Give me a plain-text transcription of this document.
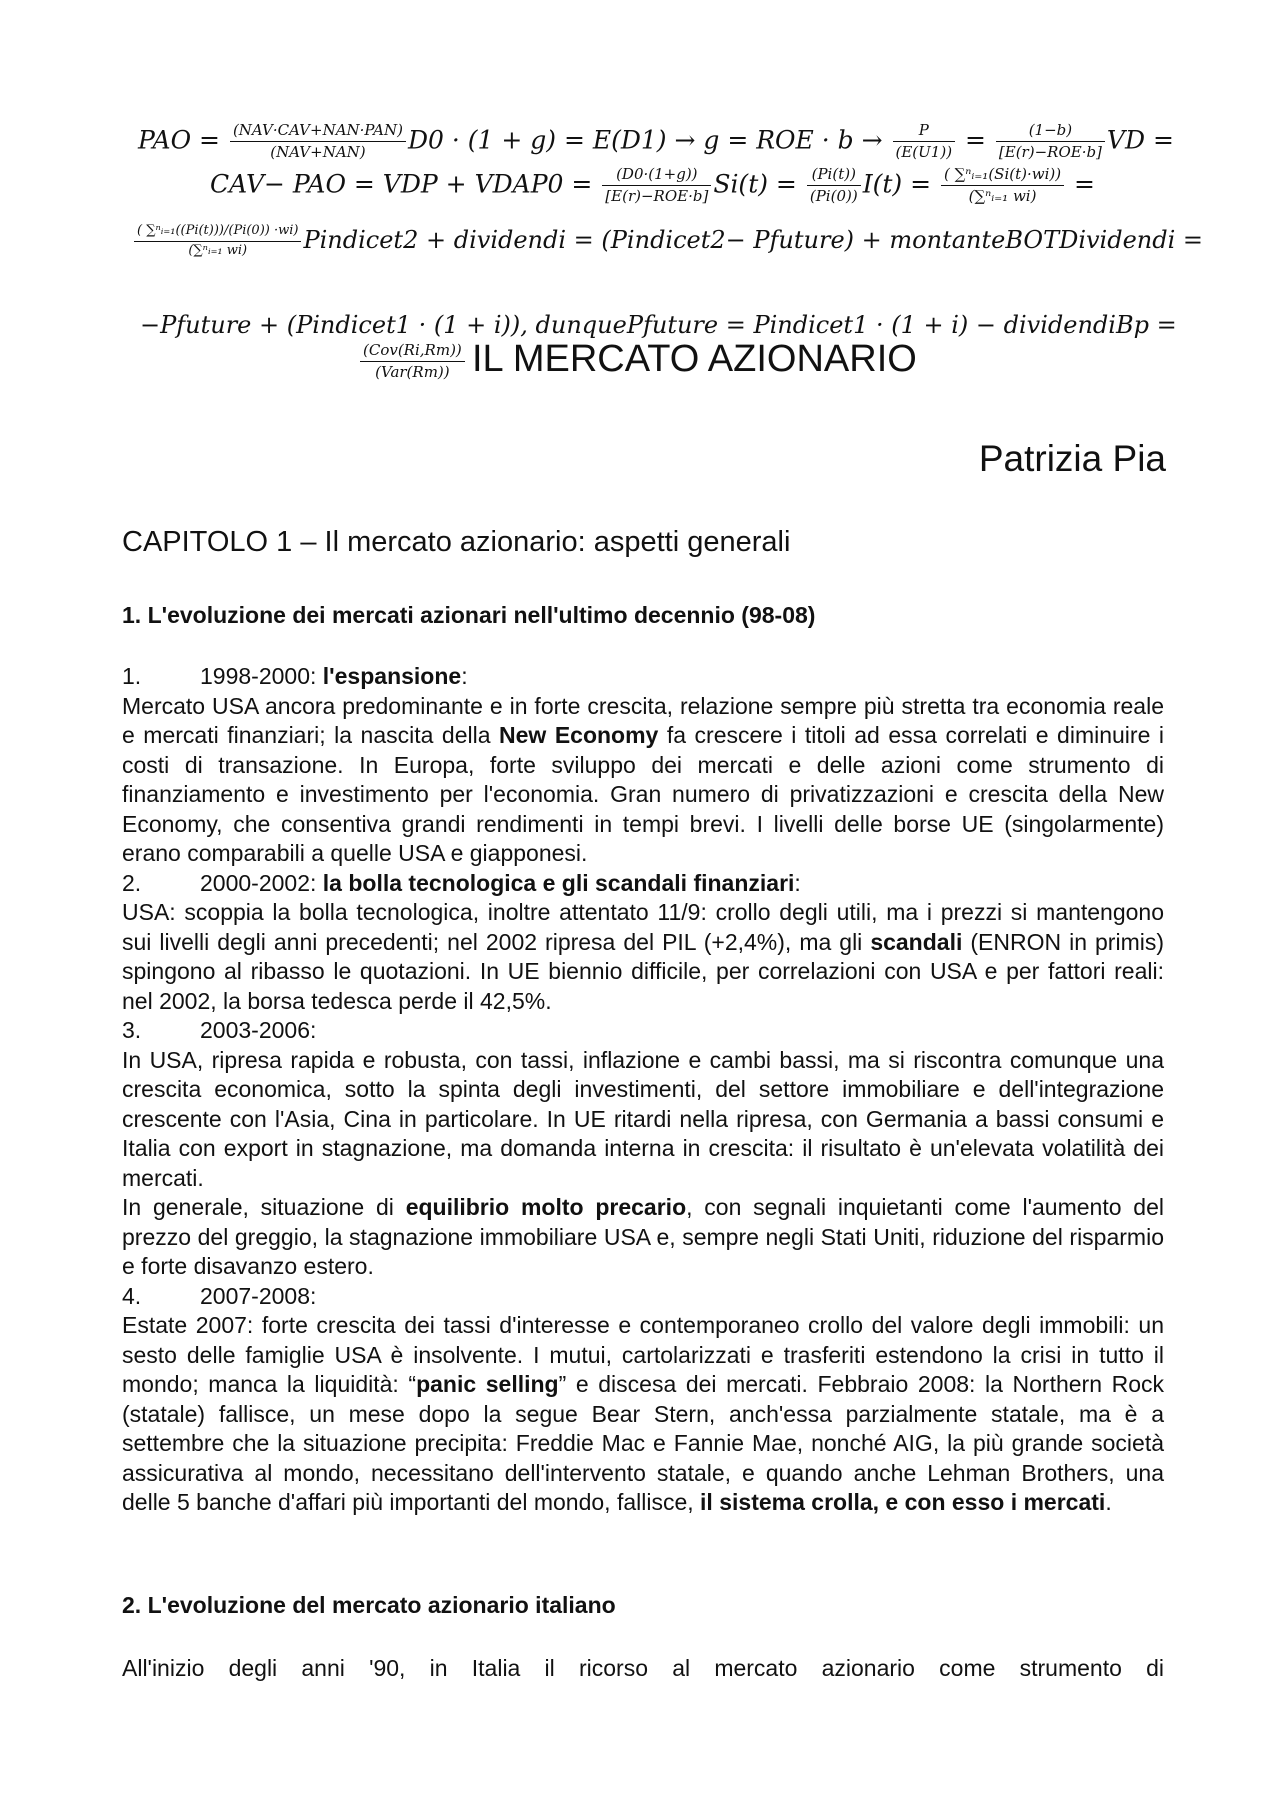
PAO = $\frac{\text{(NAV·CAV+NAN·PAN)}}{\text{(NAV+NAN)}} D0 \cdot (1 + g) = E(D1) \to g$ = ROE · $b \to \frac{P}{(E(U1))} = \frac{(1-b)}{\text{[E(r)−ROE·b]}}$ VD =
CAV− PAO = VDP + VDAP0 = $\frac{(D0\cdot(1+g))}{\text{[E(r)−ROE·b]}} Si(t) = \frac{(Pi(t))}{(Pi(0))} I(t) = \frac{\text{( ∑ⁿᵢ₌₁(Si(t)·wi))}}{\text{(∑ⁿᵢ₌₁ wi)}}$ =
$\frac{\text{( ∑ⁿᵢ₌₁((Pi(t)))/(Pi(0)) ·wi)}}{\text{(∑ⁿᵢ₌₁ wi)}}$ Pindicet2 + dividendi = (Pindicet2− Pfuture) + montanteBOTDividendi =
−Pfuture + (Pindicet1 · (1 + i)), dunquePfuture = Pindicet1 · (1 + i) − dividendiBp =
$\frac{\text{(Cov(Ri,Rm))}}{\text{(Var(Rm))}}$ IL MERCATO AZIONARIO
Patrizia Pia
CAPITOLO 1 – Il mercato azionario: aspetti generali
1. L'evoluzione dei mercati azionari nell'ultimo decennio (98-08)
1.	1998-2000: l'espansione:

Mercato USA ancora predominante e in forte crescita, relazione sempre più stretta tra economia reale e mercati finanziari; la nascita della New Economy fa crescere i titoli ad essa correlati e diminuire i costi di transazione. In Europa, forte sviluppo dei mercati e delle azioni come strumento di finanziamento e investimento per l'economia. Gran numero di privatizzazioni e crescita della New Economy, che consentiva grandi rendimenti in tempi brevi. I livelli delle borse UE (singolarmente) erano comparabili a quelle USA e giapponesi.

2.	2000-2002: la bolla tecnologica e gli scandali finanziari:

USA: scoppia la bolla tecnologica, inoltre attentato 11/9: crollo degli utili, ma i prezzi si mantengono sui livelli degli anni precedenti; nel 2002 ripresa del PIL (+2,4%), ma gli scandali (ENRON in primis) spingono al ribasso le quotazioni. In UE biennio difficile, per correlazioni con USA e per fattori reali: nel 2002, la borsa tedesca perde il 42,5%.

3.	2003-2006:

In USA, ripresa rapida e robusta, con tassi, inflazione e cambi bassi, ma si riscontra comunque una crescita economica, sotto la spinta degli investimenti, del settore immobiliare e dell'integrazione crescente con l'Asia, Cina in particolare. In UE ritardi nella ripresa, con Germania a bassi consumi e Italia con export in stagnazione, ma domanda interna in crescita: il risultato è un'elevata volatilità dei mercati.

In generale, situazione di equilibrio molto precario, con segnali inquietanti come l'aumento del prezzo del greggio, la stagnazione immobiliare USA e, sempre negli Stati Uniti, riduzione del risparmio e forte disavanzo estero.

4.	2007-2008:

Estate 2007: forte crescita dei tassi d'interesse e contemporaneo crollo del valore degli immobili: un sesto delle famiglie USA è insolvente. I mutui, cartolarizzati e trasferiti estendono la crisi in tutto il mondo; manca la liquidità: “panic selling” e discesa dei mercati. Febbraio 2008: la Northern Rock (statale) fallisce, un mese dopo la segue Bear Stern, anch'essa parzialmente statale, ma è a settembre che la situazione precipita: Freddie Mac e Fannie Mae, nonché AIG, la più grande società assicurativa al mondo, necessitano dell'intervento statale, e quando anche Lehman Brothers, una delle 5 banche d'affari più importanti del mondo, fallisce, il sistema crolla, e con esso i mercati.

2. L'evoluzione del mercato azionario italiano

All'inizio degli anni '90, in Italia il ricorso al mercato azionario come strumento di
